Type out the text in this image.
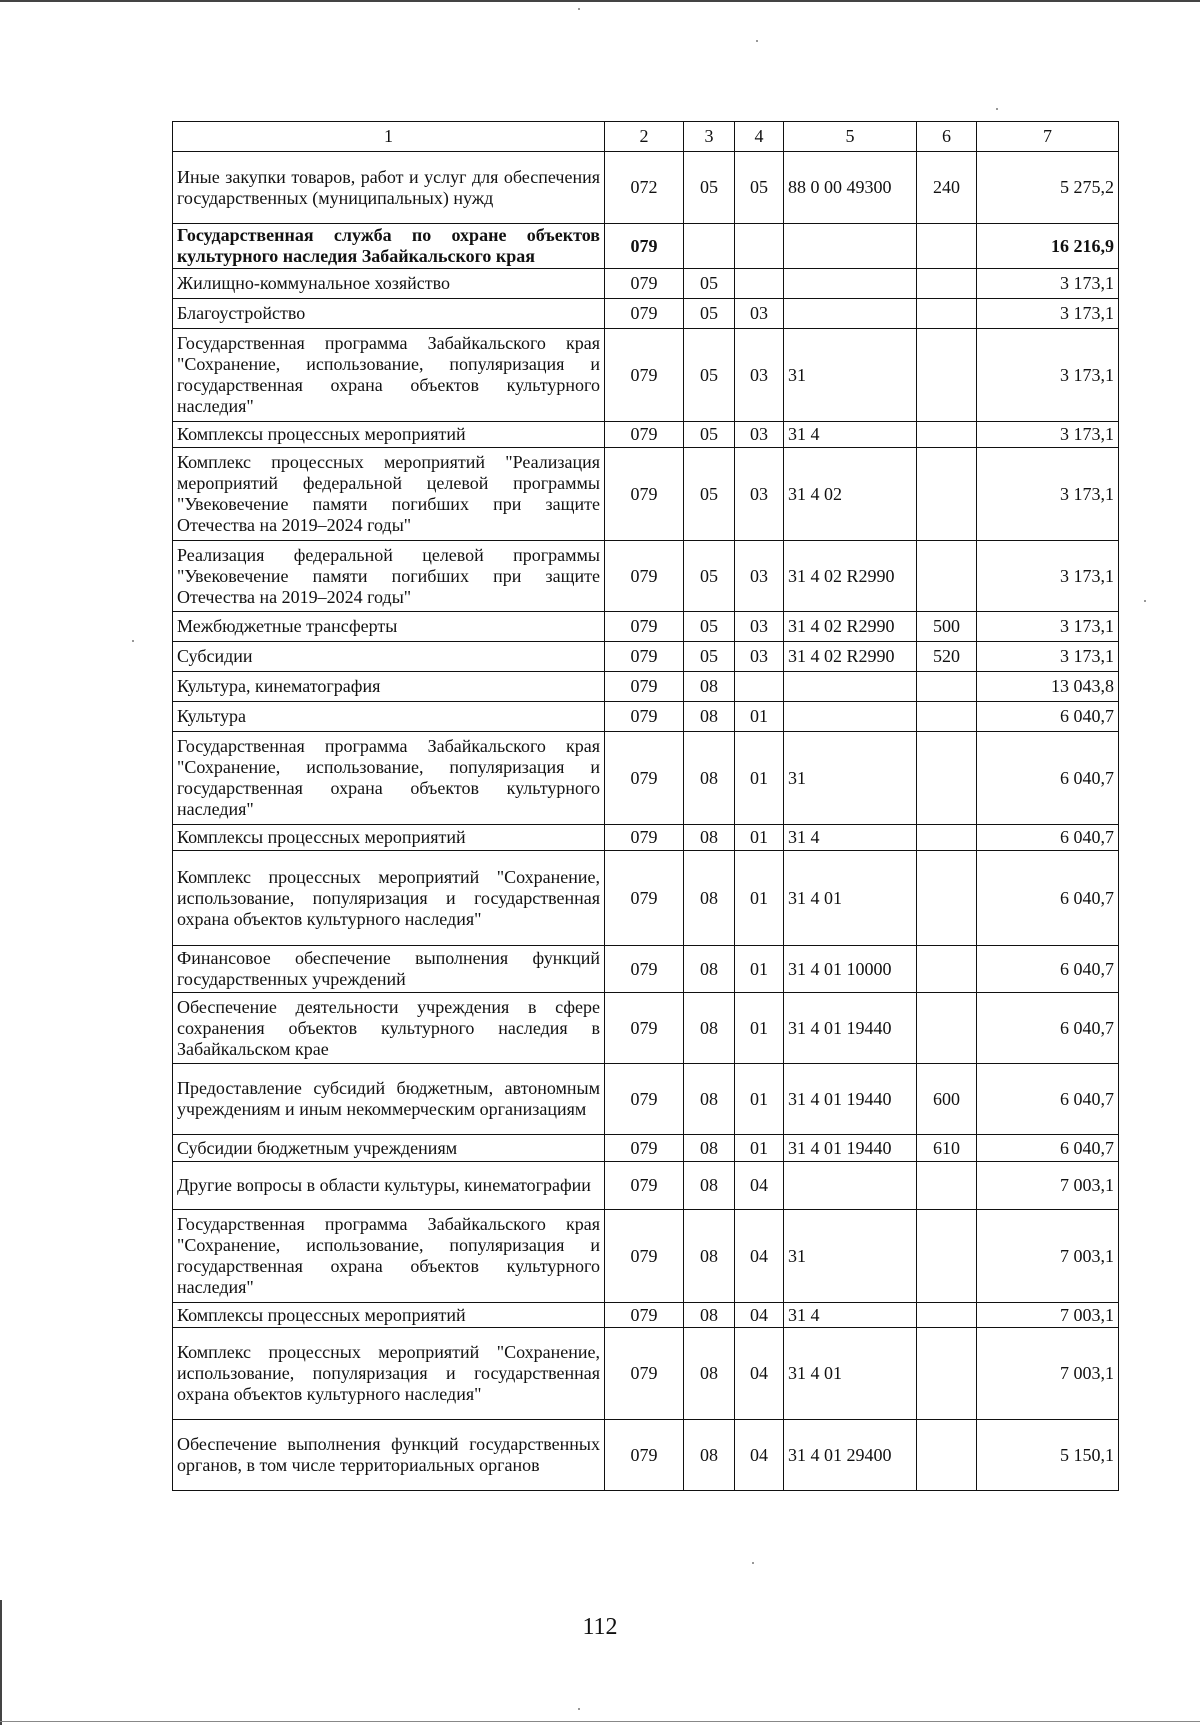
1	2	3	4	5	6	7
Иные закупки товаров, работ и услуг для обеспечения государственных (муниципальных) нужд	072	05	05	88 0 00 49300	240	5 275,2
Государственная служба по охране объектов культурного наследия Забайкальского края	079					16 216,9
Жилищно-коммунальное хозяйство	079	05				3 173,1
Благоустройство	079	05	03			3 173,1
Государственная программа Забайкальского края "Сохранение, использование, популяризация и государственная охрана объектов культурного наследия"	079	05	03	31		3 173,1
Комплексы процессных мероприятий	079	05	03	31 4		3 173,1
Комплекс процессных мероприятий "Реализация мероприятий федеральной целевой программы "Увековечение памяти погибших при защите Отечества на 2019–2024 годы"	079	05	03	31 4 02		3 173,1
Реализация федеральной целевой программы "Увековечение памяти погибших при защите Отечества на 2019–2024 годы"	079	05	03	31 4 02 R2990		3 173,1
Межбюджетные трансферты	079	05	03	31 4 02 R2990	500	3 173,1
Субсидии	079	05	03	31 4 02 R2990	520	3 173,1
Культура, кинематография	079	08				13 043,8
Культура	079	08	01			6 040,7
Государственная программа Забайкальского края "Сохранение, использование, популяризация и государственная охрана объектов культурного наследия"	079	08	01	31		6 040,7
Комплексы процессных мероприятий	079	08	01	31 4		6 040,7
Комплекс процессных мероприятий "Сохранение, использование, популяризация и государственная охрана объектов культурного наследия"	079	08	01	31 4 01		6 040,7
Финансовое обеспечение выполнения функций государственных учреждений	079	08	01	31 4 01 10000		6 040,7
Обеспечение деятельности учреждения в сфере сохранения объектов культурного наследия в Забайкальском крае	079	08	01	31 4 01 19440		6 040,7
Предоставление субсидий бюджетным, автономным учреждениям и иным некоммерческим организациям	079	08	01	31 4 01 19440	600	6 040,7
Субсидии бюджетным учреждениям	079	08	01	31 4 01 19440	610	6 040,7
Другие вопросы в области культуры, кинематографии	079	08	04			7 003,1
Государственная программа Забайкальского края "Сохранение, использование, популяризация и государственная охрана объектов культурного наследия"	079	08	04	31		7 003,1
Комплексы процессных мероприятий	079	08	04	31 4		7 003,1
Комплекс процессных мероприятий "Сохранение, использование, популяризация и государственная охрана объектов культурного наследия"	079	08	04	31 4 01		7 003,1
Обеспечение выполнения функций государственных органов, в том числе территориальных органов	079	08	04	31 4 01 29400		5 150,1
112
